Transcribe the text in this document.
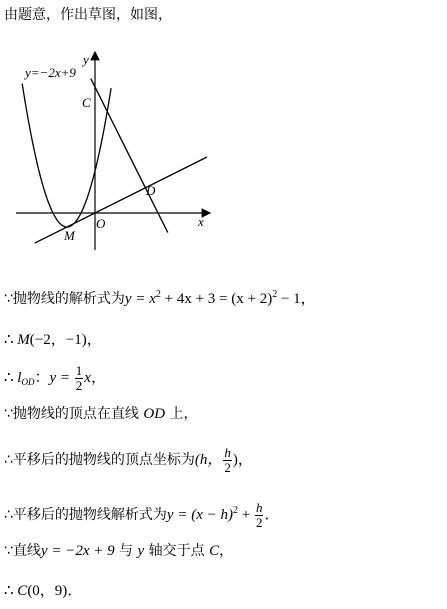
由题意，作出草图，如图，
y=−2x+9
y
x
C
D
M
O
∵抛物线的解析式为$y = x^2 + 4x + 3 = (x + 2)^2 - 1$，
∴ M(−2，−1)，
∴ $l_{OD}$：$y = \frac{1}{2}$ x，
∵抛物线的顶点在直线 OD 上，
∴平移后的抛物线的顶点坐标为(h， $\frac{h}{2}$ )，
∴平移后的抛物线解析式为$y = (x - h)^2 + \frac{h}{2}$ ．
∵直线y = −2x + 9 与 y 轴交于点 C，
∴ C(0，9)．
